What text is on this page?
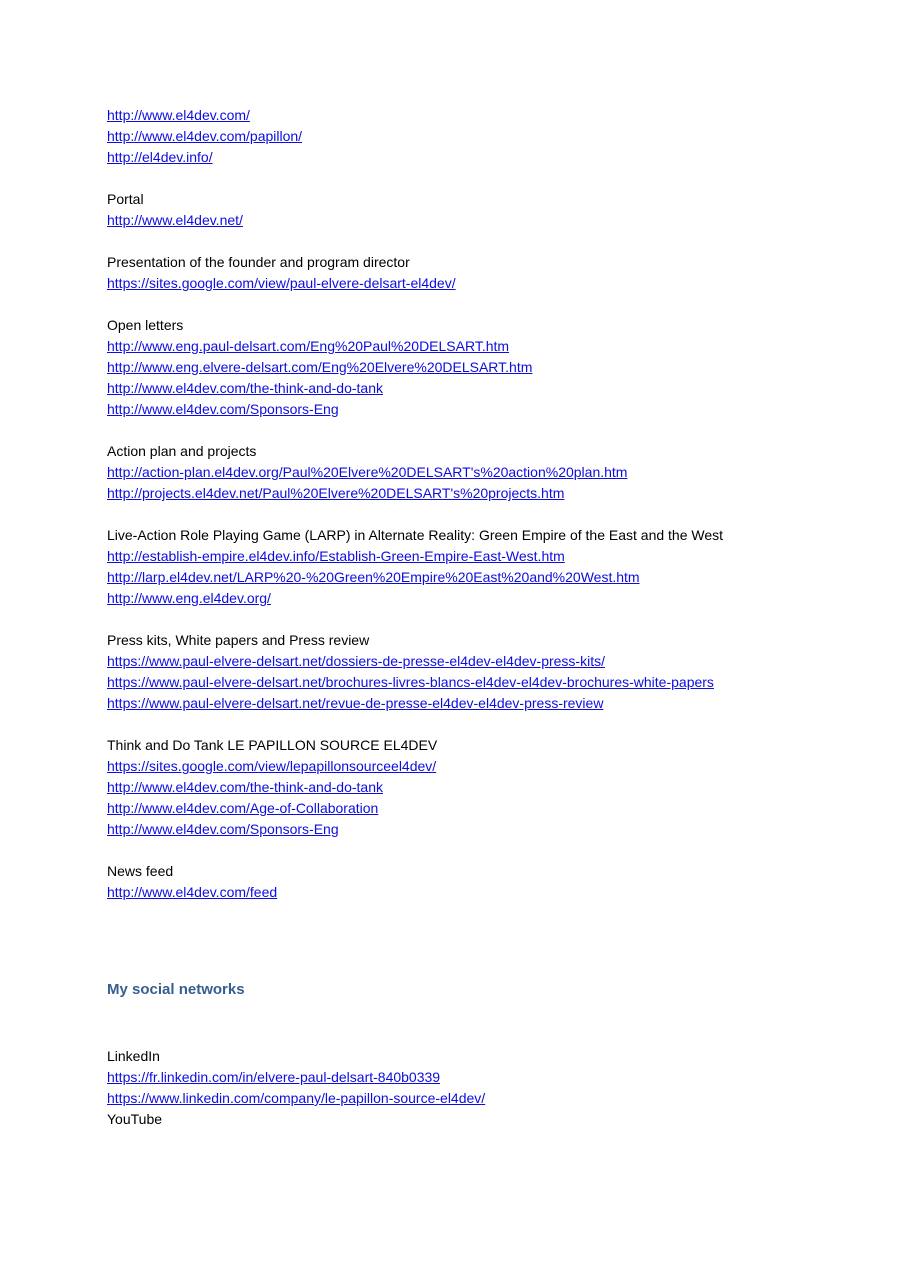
http://www.el4dev.com/
http://www.el4dev.com/papillon/
http://el4dev.info/
Portal
http://www.el4dev.net/
Presentation of the founder and program director
https://sites.google.com/view/paul-elvere-delsart-el4dev/
Open letters
http://www.eng.paul-delsart.com/Eng%20Paul%20DELSART.htm
http://www.eng.elvere-delsart.com/Eng%20Elvere%20DELSART.htm
http://www.el4dev.com/the-think-and-do-tank
http://www.el4dev.com/Sponsors-Eng
Action plan and projects
http://action-plan.el4dev.org/Paul%20Elvere%20DELSART's%20action%20plan.htm
http://projects.el4dev.net/Paul%20Elvere%20DELSART's%20projects.htm
Live-Action Role Playing Game (LARP) in Alternate Reality: Green Empire of the East and the West
http://establish-empire.el4dev.info/Establish-Green-Empire-East-West.htm
http://larp.el4dev.net/LARP%20-%20Green%20Empire%20East%20and%20West.htm
http://www.eng.el4dev.org/
Press kits, White papers and Press review
https://www.paul-elvere-delsart.net/dossiers-de-presse-el4dev-el4dev-press-kits/
https://www.paul-elvere-delsart.net/brochures-livres-blancs-el4dev-el4dev-brochures-white-papers
https://www.paul-elvere-delsart.net/revue-de-presse-el4dev-el4dev-press-review
Think and Do Tank LE PAPILLON SOURCE EL4DEV
https://sites.google.com/view/lepapillonsourceel4dev/
http://www.el4dev.com/the-think-and-do-tank
http://www.el4dev.com/Age-of-Collaboration
http://www.el4dev.com/Sponsors-Eng
News feed
http://www.el4dev.com/feed
My social networks
LinkedIn
https://fr.linkedin.com/in/elvere-paul-delsart-840b0339
https://www.linkedin.com/company/le-papillon-source-el4dev/
YouTube
